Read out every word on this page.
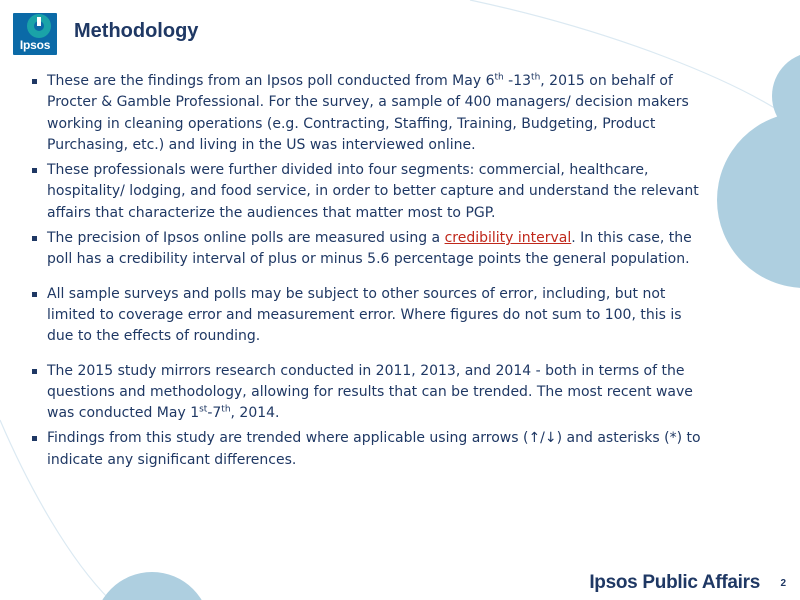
Ipsos
Methodology
These are the findings from an Ipsos poll conducted from May 6th -13th, 2015 on behalf of Procter & Gamble Professional. For the survey, a sample of 400 managers/ decision makers working in cleaning operations (e.g. Contracting, Staffing, Training, Budgeting, Product Purchasing, etc.) and living in the US was interviewed online.
These professionals were further divided into four segments: commercial, healthcare, hospitality/ lodging, and food service, in order to better capture and understand the relevant affairs that characterize the audiences that matter most to PGP.
The precision of Ipsos online polls are measured using a credibility interval. In this case, the poll has a credibility interval of plus or minus 5.6 percentage points the general population.
All sample surveys and polls may be subject to other sources of error, including, but not limited to coverage error and measurement error. Where figures do not sum to 100, this is due to the effects of rounding.
The 2015 study mirrors research conducted in 2011, 2013, and 2014 - both in terms of the questions and methodology, allowing for results that can be trended. The most recent wave was conducted May 1st-7th, 2014.
Findings from this study are trended where applicable using arrows (↑/↓) and asterisks (*) to indicate any significant differences.
Ipsos Public Affairs 2
